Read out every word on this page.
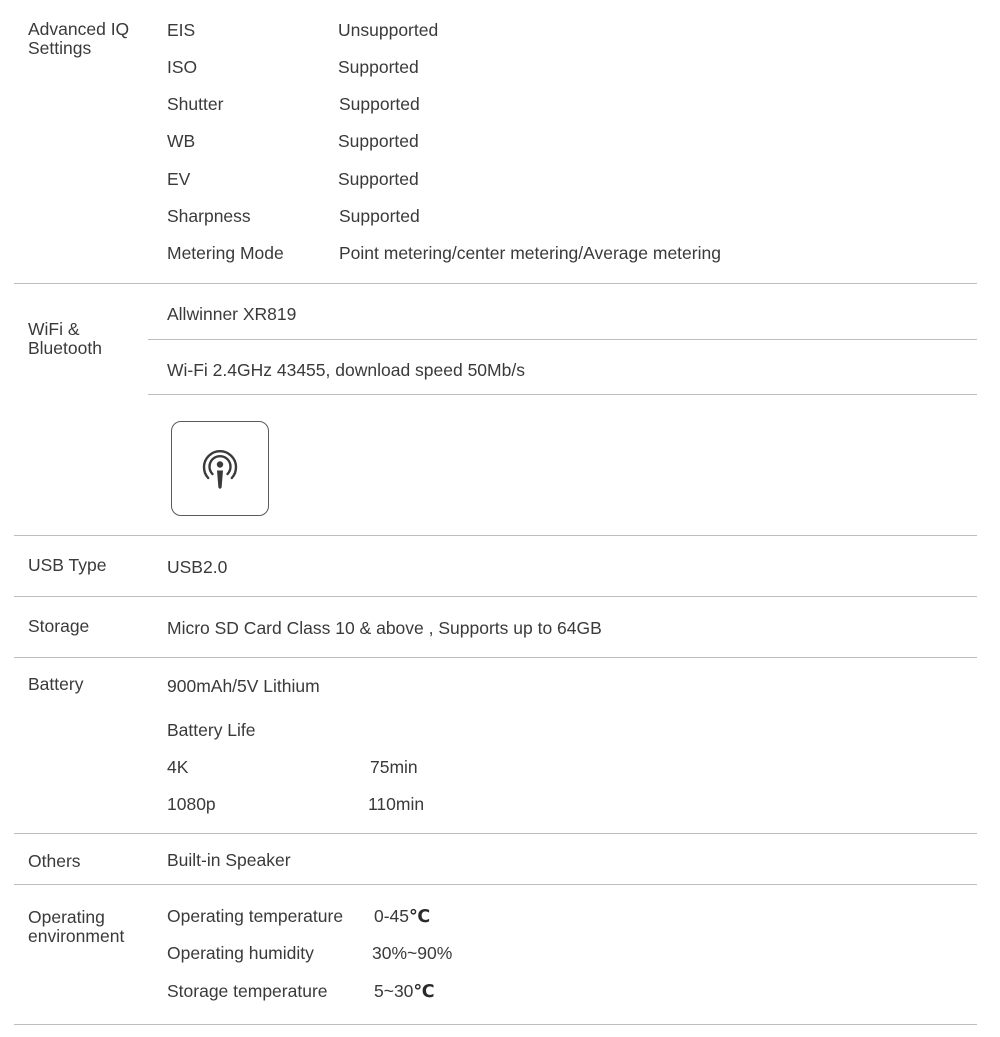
Advanced IQ Settings
EIS	Unsupported
ISO	Supported
Shutter	Supported
WB	Supported
EV	Supported
Sharpness	Supported
Metering Mode	Point metering/center metering/Average metering
WiFi & Bluetooth
Allwinner XR819
Wi-Fi 2.4GHz 43455, download speed 50Mb/s
USB Type	USB2.0
Storage	Micro SD Card Class 10 & above , Supports up to 64GB
Battery	900mAh/5V Lithium
Battery Life
4K	75min
1080p	110min
Others	Built-in Speaker
Operating environment
Operating temperature 0-45℃
Operating humidity	30%~90%
Storage temperature	5~30℃
